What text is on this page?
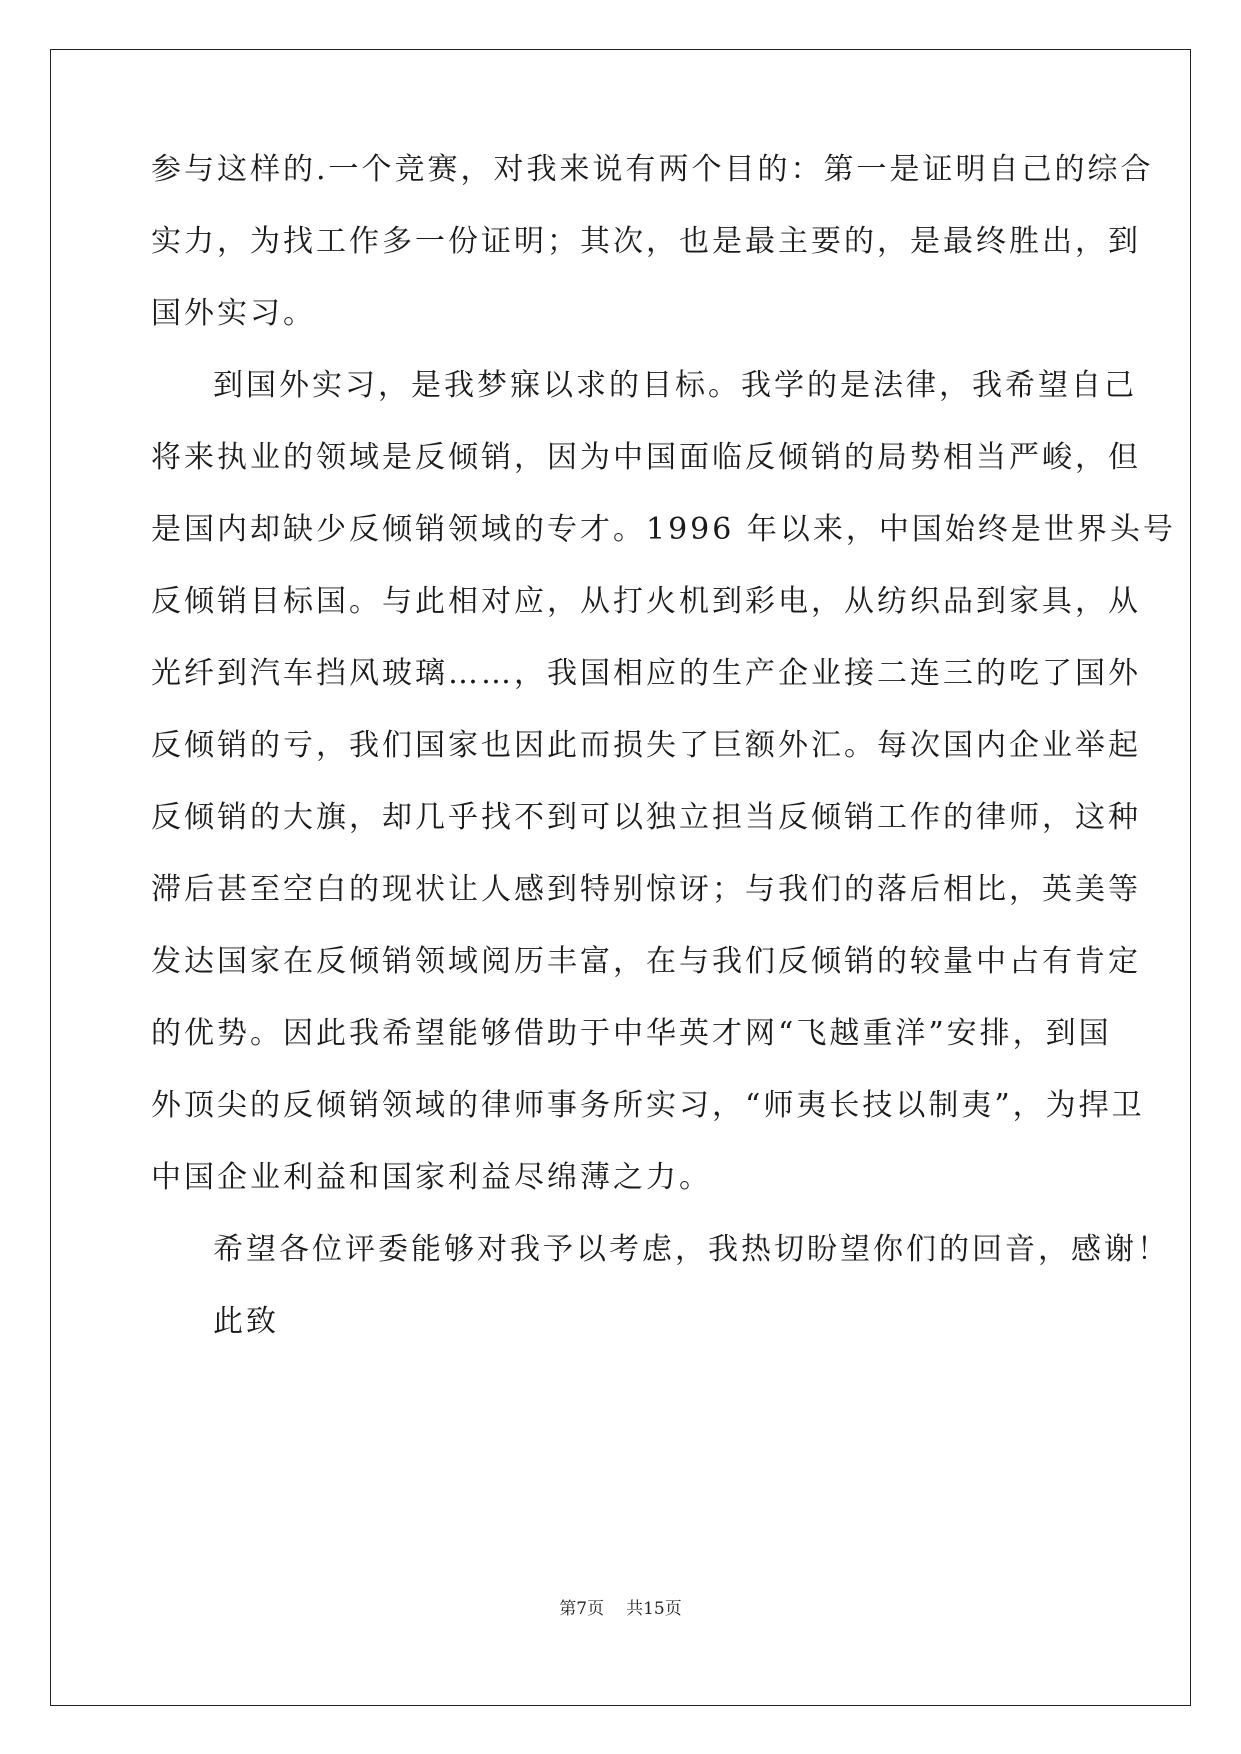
参与这样的.一个竞赛，对我来说有两个目的：第一是证明自己的综合
实力，为找工作多一份证明；其次，也是最主要的，是最终胜出，到
国外实习。
到国外实习，是我梦寐以求的目标。我学的是法律，我希望自己
将来执业的领域是反倾销，因为中国面临反倾销的局势相当严峻，但
是国内却缺少反倾销领域的专才。1996 年以来，中国始终是世界头号
反倾销目标国。与此相对应，从打火机到彩电，从纺织品到家具，从
光纤到汽车挡风玻璃……，我国相应的生产企业接二连三的吃了国外
反倾销的亏，我们国家也因此而损失了巨额外汇。每次国内企业举起
反倾销的大旗，却几乎找不到可以独立担当反倾销工作的律师，这种
滞后甚至空白的现状让人感到特别惊讶；与我们的落后相比，英美等
发达国家在反倾销领域阅历丰富，在与我们反倾销的较量中占有肯定
的优势。因此我希望能够借助于中华英才网“飞越重洋”安排，到国
外顶尖的反倾销领域的律师事务所实习，“师夷长技以制夷”，为捍卫
中国企业利益和国家利益尽绵薄之力。
希望各位评委能够对我予以考虑，我热切盼望你们的回音，感谢！
此致
第7页 共15页
